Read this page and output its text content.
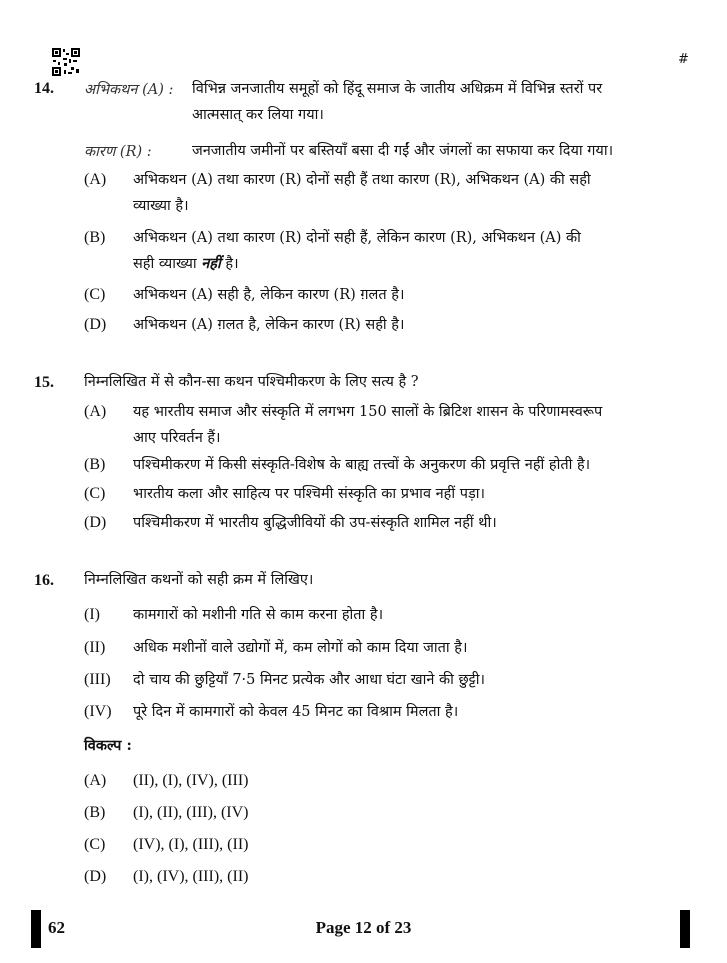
#
14. अभिकथन (A) : विभिन्न जनजातीय समूहों को हिंदू समाज के जातीय अधिक्रम में विभिन्न स्तरों पर
आत्मसात् कर लिया गया।
कारण (R) :	जनजातीय जमीनों पर बस्तियाँ बसा दी गईं और जंगलों का सफाया कर दिया गया।
(A) अभिकथन (A) तथा कारण (R) दोनों सही हैं तथा कारण (R), अभिकथन (A) की सही
व्याख्या है।
(B) अभिकथन (A) तथा कारण (R) दोनों सही हैं, लेकिन कारण (R), अभिकथन (A) की
सही व्याख्या नहीं है।
(C) अभिकथन (A) सही है, लेकिन कारण (R) ग़लत है।
(D) अभिकथन (A) ग़लत है, लेकिन कारण (R) सही है।
15. निम्नलिखित में से कौन-सा कथन पश्चिमीकरण के लिए सत्य है ?
(A) यह भारतीय समाज और संस्कृति में लगभग 150 सालों के ब्रिटिश शासन के परिणामस्वरूप
आए परिवर्तन हैं।
(B) पश्चिमीकरण में किसी संस्कृति-विशेष के बाह्य तत्त्वों के अनुकरण की प्रवृत्ति नहीं होती है।
(C) भारतीय कला और साहित्य पर पश्चिमी संस्कृति का प्रभाव नहीं पड़ा।
(D) पश्चिमीकरण में भारतीय बुद्धिजीवियों की उप-संस्कृति शामिल नहीं थी।
16. निम्नलिखित कथनों को सही क्रम में लिखिए।
(I) कामगारों को मशीनी गति से काम करना होता है।
(II) अधिक मशीनों वाले उद्योगों में, कम लोगों को काम दिया जाता है।
(III) दो चाय की छुट्टियाँ 7·5 मिनट प्रत्येक और आधा घंटा खाने की छुट्टी।
(IV) पूरे दिन में कामगारों को केवल 45 मिनट का विश्राम मिलता है।
विकल्प :
(A) (II), (I), (IV), (III)
(B) (I), (II), (III), (IV)
(C) (IV), (I), (III), (II)
(D) (I), (IV), (III), (II)
62	Page 12 of 23
